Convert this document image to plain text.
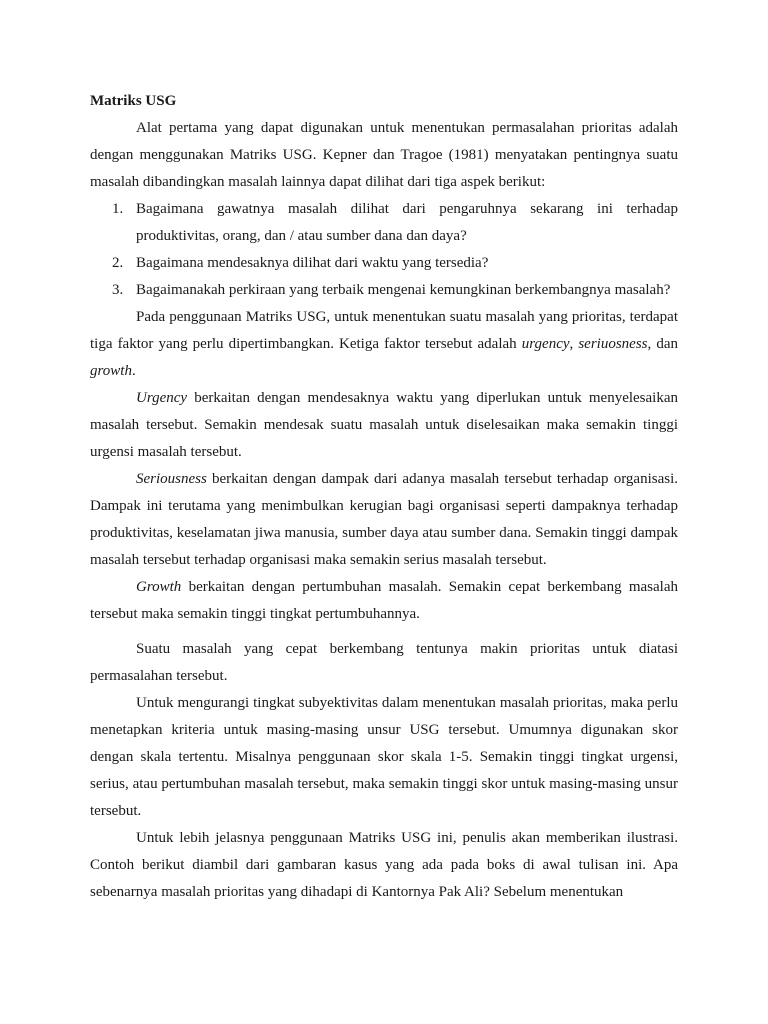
Matriks USG

Alat pertama yang dapat digunakan untuk menentukan permasalahan prioritas adalah dengan menggunakan Matriks USG. Kepner dan Tragoe (1981) menyatakan pentingnya suatu masalah dibandingkan masalah lainnya dapat dilihat dari tiga aspek berikut:

1. Bagaimana gawatnya masalah dilihat dari pengaruhnya sekarang ini terhadap produktivitas, orang, dan / atau sumber dana dan daya?
2. Bagaimana mendesaknya dilihat dari waktu yang tersedia?
3. Bagaimanakah perkiraan yang terbaik mengenai kemungkinan berkembangnya masalah?

Pada penggunaan Matriks USG, untuk menentukan suatu masalah yang prioritas, terdapat tiga faktor yang perlu dipertimbangkan. Ketiga faktor tersebut adalah urgency, seriuosness, dan growth.

Urgency berkaitan dengan mendesaknya waktu yang diperlukan untuk menyelesaikan masalah tersebut. Semakin mendesak suatu masalah untuk diselesaikan maka semakin tinggi urgensi masalah tersebut.

Seriousness berkaitan dengan dampak dari adanya masalah tersebut terhadap organisasi. Dampak ini terutama yang menimbulkan kerugian bagi organisasi seperti dampaknya terhadap produktivitas, keselamatan jiwa manusia, sumber daya atau sumber dana. Semakin tinggi dampak masalah tersebut terhadap organisasi maka semakin serius masalah tersebut.

Growth berkaitan dengan pertumbuhan masalah. Semakin cepat berkembang masalah tersebut maka semakin tinggi tingkat pertumbuhannya.

Suatu masalah yang cepat berkembang tentunya makin prioritas untuk diatasi permasalahan tersebut.

Untuk mengurangi tingkat subyektivitas dalam menentukan masalah prioritas, maka perlu menetapkan kriteria untuk masing-masing unsur USG tersebut. Umumnya digunakan skor dengan skala tertentu. Misalnya penggunaan skor skala 1-5. Semakin tinggi tingkat urgensi, serius, atau pertumbuhan masalah tersebut, maka semakin tinggi skor untuk masing-masing unsur tersebut.

Untuk lebih jelasnya penggunaan Matriks USG ini, penulis akan memberikan ilustrasi. Contoh berikut diambil dari gambaran kasus yang ada pada boks di awal tulisan ini. Apa sebenarnya masalah prioritas yang dihadapi di Kantornya Pak Ali? Sebelum menentukan
